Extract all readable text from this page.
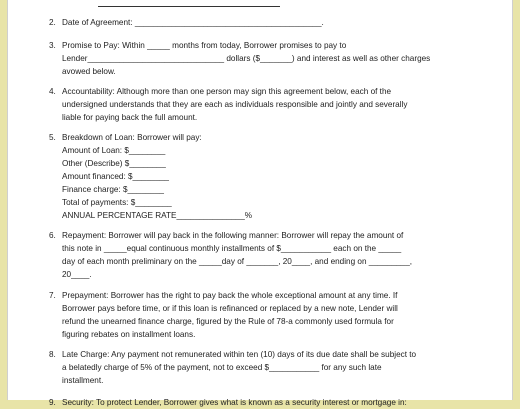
2. Date of Agreement: _________________________________________.
3. Promise to Pay: Within _____ months from today, Borrower promises to pay to
Lender______________________________ dollars ($_______) and interest as well as other charges
avowed below.
4. Accountability: Although more than one person may sign this agreement below, each of the
undersigned understands that they are each as individuals responsible and jointly and severally
liable for paying back the full amount.
5. Breakdown of Loan: Borrower will pay:
Amount of Loan: $________
Other (Describe) $________
Amount financed: $________
Finance charge: $________
Total of payments: $________
ANNUAL PERCENTAGE RATE_______________%
6. Repayment: Borrower will pay back in the following manner: Borrower will repay the amount of
this note in _____equal continuous monthly installments of $___________ each on the _____
day of each month preliminary on the _____day of _______, 20____, and ending on _________,
20____.
7. Prepayment: Borrower has the right to pay back the whole exceptional amount at any time. If
Borrower pays before time, or if this loan is refinanced or replaced by a new note, Lender will
refund the unearned finance charge, figured by the Rule of 78-a commonly used formula for
figuring rebates on installment loans.
8. Late Charge: Any payment not remunerated within ten (10) days of its due date shall be subject to
a belatedly charge of 5% of the payment, not to exceed $___________ for any such late
installment.
9. Security: To protect Lender, Borrower gives what is known as a security interest or mortgage in:
